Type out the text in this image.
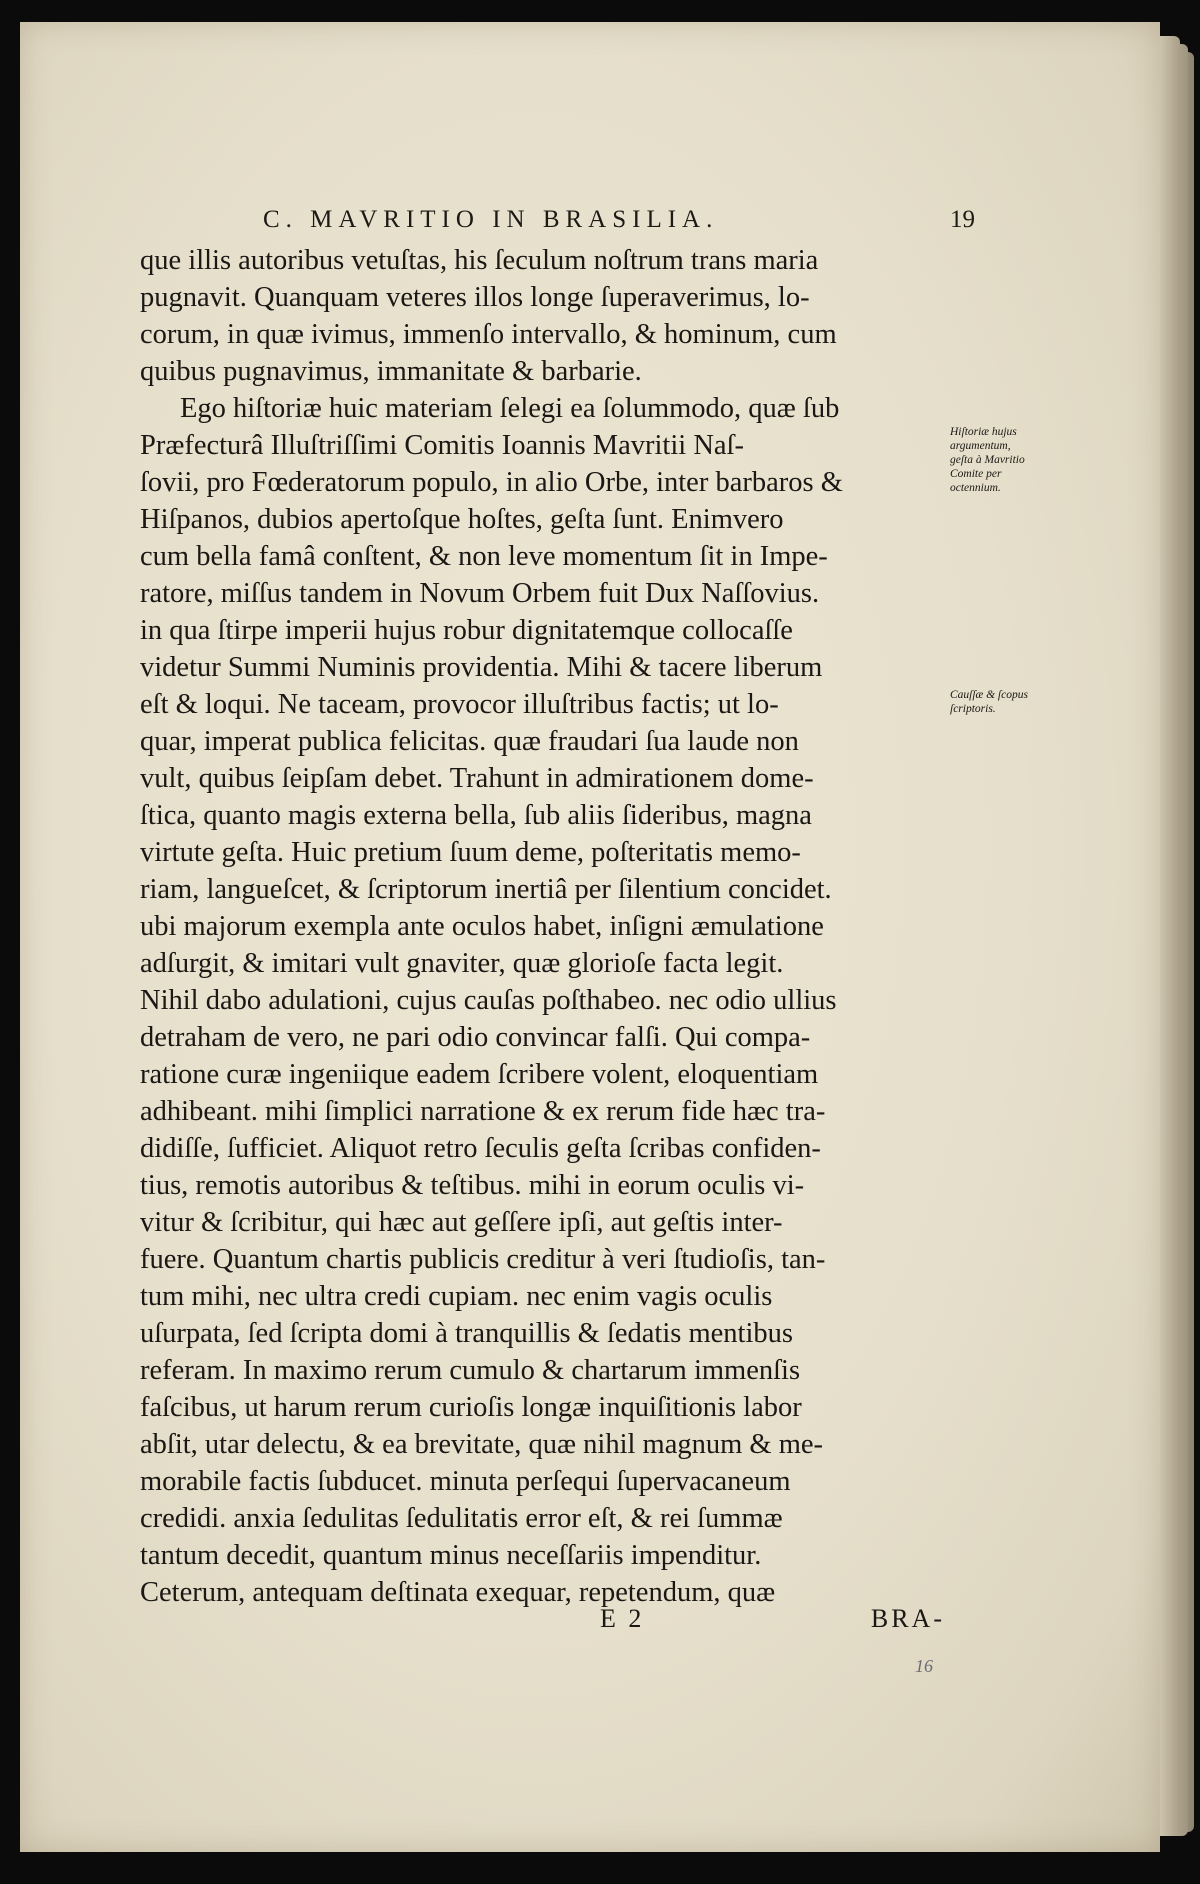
C. MAVRITIO IN BRASILIA.	19
que illis autoribus vetuſtas, his ſeculum noſtrum trans maria
pugnavit. Quanquam veteres illos longe ſuperaverimus, lo-
corum, in quæ ivimus, immenſo intervallo, & hominum, cum
quibus pugnavimus, immanitate & barbarie.
Ego hiſtoriæ huic materiam ſelegi ea ſolummodo, quæ ſub
Præfecturâ Illuſtriſſimi Comitis Ioannis Mavritii Naſ-
ſovii, pro Fœderatorum populo, in alio Orbe, inter barbaros &
Hiſpanos, dubios apertoſque hoſtes, geſta ſunt. Enimvero
cum bella famâ conſtent, & non leve momentum ſit in Impe-
ratore, miſſus tandem in Novum Orbem fuit Dux Naſſovius.
in qua ſtirpe imperii hujus robur dignitatemque collocaſſe
videtur Summi Numinis providentia. Mihi & tacere liberum
eſt & loqui. Ne taceam, provocor illuſtribus factis; ut lo-
quar, imperat publica felicitas. quæ fraudari ſua laude non
vult, quibus ſeipſam debet. Trahunt in admirationem dome-
ſtica, quanto magis externa bella, ſub aliis ſideribus, magna
virtute geſta. Huic pretium ſuum deme, poſteritatis memo-
riam, langueſcet, & ſcriptorum inertiâ per ſilentium concidet.
ubi majorum exempla ante oculos habet, inſigni æmulatione
adſurgit, & imitari vult gnaviter, quæ glorioſe facta legit.
Nihil dabo adulationi, cujus cauſas poſthabeo. nec odio ullius
detraham de vero, ne pari odio convincar falſi. Qui compa-
ratione curæ ingeniique eadem ſcribere volent, eloquentiam
adhibeant. mihi ſimplici narratione & ex rerum fide hæc tra-
didiſſe, ſufficiet. Aliquot retro ſeculis geſta ſcribas confiden-
tius, remotis autoribus & teſtibus. mihi in eorum oculis vi-
vitur & ſcribitur, qui hæc aut geſſere ipſi, aut geſtis inter-
fuere. Quantum chartis publicis creditur à veri ſtudioſis, tan-
tum mihi, nec ultra credi cupiam. nec enim vagis oculis
uſurpata, ſed ſcripta domi à tranquillis & ſedatis mentibus
referam. In maximo rerum cumulo & chartarum immenſis
faſcibus, ut harum rerum curioſis longæ inquiſitionis labor
abſit, utar delectu, & ea brevitate, quæ nihil magnum & me-
morabile factis ſubducet. minuta perſequi ſupervacaneum
credidi. anxia ſedulitas ſedulitatis error eſt, & rei ſummæ
tantum decedit, quantum minus neceſſariis impenditur.
Ceterum, antequam deſtinata exequar, repetendum, quæ
Hiſtoriæ hujus argumentum, geſta à Mavritio Comite per octennium.
Cauſſæ & ſcopus ſcriptoris.
E 2	BRA-
16
